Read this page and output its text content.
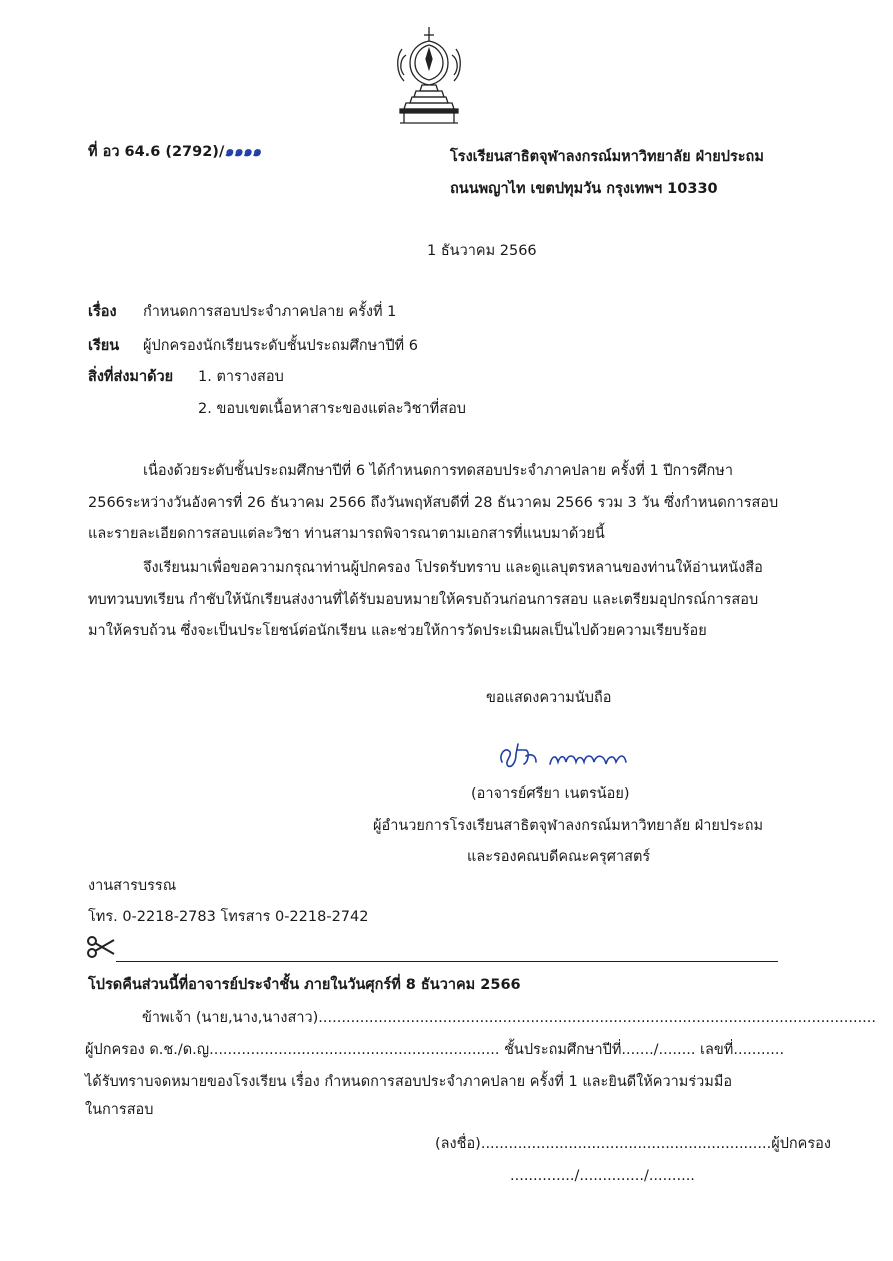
ที่ อว 64.6 (2792)/๑๑๑๑	โรงเรียนสาธิตจุฬาลงกรณ์มหาวิทยาลัย ฝ่ายประถม
ถนนพญาไท เขตปทุมวัน กรุงเทพฯ 10330
1 ธันวาคม 2566
เรื่อง กำหนดการสอบประจำภาคปลาย ครั้งที่ 1
เรียน ผู้ปกครองนักเรียนระดับชั้นประถมศึกษาปีที่ 6
สิ่งที่ส่งมาด้วย 1. ตารางสอบ
2. ขอบเขตเนื้อหาสาระของแต่ละวิชาที่สอบ
เนื่องด้วยระดับชั้นประถมศึกษาปีที่ 6 ได้กำหนดการทดสอบประจำภาคปลาย ครั้งที่ 1 ปีการศึกษา
2566ระหว่างวันอังคารที่ 26 ธันวาคม 2566 ถึงวันพฤหัสบดีที่ 28 ธันวาคม 2566 รวม 3 วัน ซึ่งกำหนดการสอบ
และรายละเอียดการสอบแต่ละวิชา ท่านสามารถพิจารณาตามเอกสารที่แนบมาด้วยนี้
จึงเรียนมาเพื่อขอความกรุณาท่านผู้ปกครอง โปรดรับทราบ และดูแลบุตรหลานของท่านให้อ่านหนังสือ
ทบทวนบทเรียน กำชับให้นักเรียนส่งงานที่ได้รับมอบหมายให้ครบถ้วนก่อนการสอบ และเตรียมอุปกรณ์การสอบ
มาให้ครบถ้วน ซึ่งจะเป็นประโยชน์ต่อนักเรียน และช่วยให้การวัดประเมินผลเป็นไปด้วยความเรียบร้อย
ขอแสดงความนับถือ
(อาจารย์ศรียา เนตรน้อย)
ผู้อำนวยการโรงเรียนสาธิตจุฬาลงกรณ์มหาวิทยาลัย ฝ่ายประถม
และรองคณบดีคณะครุศาสตร์
งานสารบรรณ
โทร. 0-2218-2783 โทรสาร 0-2218-2742
โปรดคืนส่วนนี้ที่อาจารย์ประจำชั้น ภายในวันศุกร์ที่ 8 ธันวาคม 2566
ข้าพเจ้า (นาย,นาง,นางสาว).........................................................................................................................
ผู้ปกครอง ด.ช./ด.ญ............................................................... ชั้นประถมศึกษาปีที่......./........ เลขที่...........
ได้รับทราบจดหมายของโรงเรียน เรื่อง กำหนดการสอบประจำภาคปลาย ครั้งที่ 1 และยินดีให้ความร่วมมือ
ในการสอบ
(ลงชื่อ)...............................................................ผู้ปกครอง
............../............../..........
